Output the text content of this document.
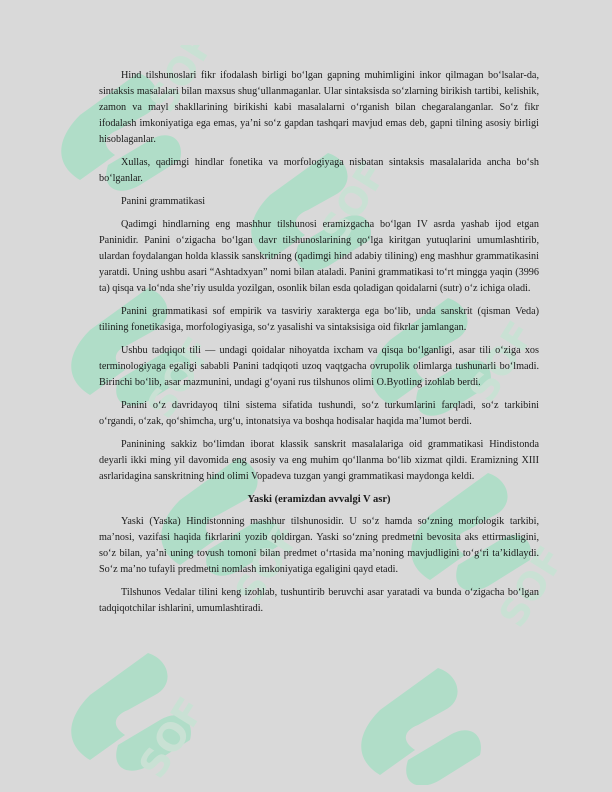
SOF
SOF
SOF	SOF
SOF	SOF
SOF

Hind tilshunoslari fikr ifodalash birligi bo‘lgan gapning muhimligini inkor qilmagan bo‘lsalar-da, sintaksis masalalari bilan maxsus shug‘ullanmaganlar. Ular sintaksisda so‘zlarning birikish tartibi, kelishik, zamon va mayl shakllarining birikishi kabi masalalarni o‘rganish bilan chegaralanganlar. So‘z fikr ifodalash imkoniyatiga ega emas, ya’ni so‘z gapdan tashqari mavjud emas deb, gapni tilning asosiy birligi hisoblaganlar.

Xullas, qadimgi hindlar fonetika va morfologiyaga nisbatan sintaksis masalalarida ancha bo‘sh bo‘lganlar.

Panini grammatikasi

Qadimgi hindlarning eng mashhur tilshunosi eramizgacha bo‘lgan IV asrda yashab ijod etgan Paninidir. Panini o‘zigacha bo‘lgan davr tilshunoslarining qo‘lga kiritgan yutuqlarini umumlashtirib, ulardan foydalangan holda klassik sanskritning (qadimgi hind adabiy tilining) eng mashhur grammatikasini yaratdi. Uning ushbu asari “Ashtadxyan” nomi bilan ataladi. Panini grammatikasi to‘rt mingga yaqin (3996 ta) qisqa va lo‘nda she’riy usulda yozilgan, osonlik bilan esda qoladigan qoidalarni (sutr) o‘z ichiga oladi.

Panini grammatikasi sof empirik va tasviriy xarakterga ega bo‘lib, unda sanskrit (qisman Veda) tilining fonetikasiga, morfologiyasiga, so‘z yasalishi va sintaksisiga oid fikrlar jamlangan.

Ushbu tadqiqot tili — undagi qoidalar nihoyatda ixcham va qisqa bo‘lganligi, asar tili o‘ziga xos terminologiyaga egaligi sababli Panini tadqiqoti uzoq vaqtgacha ovrupolik olimlarga tushunarli bo‘lmadi. Birinchi bo‘lib, asar mazmunini, undagi g‘oyani rus tilshunos olimi O.Byotling izohlab berdi.

Panini o‘z davridayoq tilni sistema sifatida tushundi, so‘z turkumlarini farqladi, so‘z tarkibini o‘rgandi, o‘zak, qo‘shimcha, urg‘u, intonatsiya va boshqa hodisalar haqida ma’lumot berdi.

Paninining sakkiz bo‘limdan iborat klassik sanskrit masalalariga oid grammatikasi Hindistonda deyarli ikki ming yil davomida eng asosiy va eng muhim qo‘llanma bo‘lib xizmat qildi. Eramizning XIII asrlaridagina sanskritning hind olimi Vopadeva tuzgan yangi grammatikasi maydonga keldi.

Yaski (eramizdan avvalgi V asr)

Yaski (Yaska) Hindistonning mashhur tilshunosidir. U so‘z hamda so‘zning morfologik tarkibi, ma’nosi, vazifasi haqida fikrlarini yozib qoldirgan. Yaski so‘zning predmetni bevosita aks ettirmasligini, so‘z bilan, ya’ni uning tovush tomoni bilan predmet o‘rtasida ma’noning mavjudligini to‘g‘ri ta’kidlaydi. So‘z ma’no tufayli predmetni nomlash imkoniyatiga egaligini qayd etadi.

Tilshunos Vedalar tilini keng izohlab, tushuntirib beruvchi asar yaratadi va bunda o‘zigacha bo‘lgan tadqiqotchilar ishlarini, umumlashtiradi.
